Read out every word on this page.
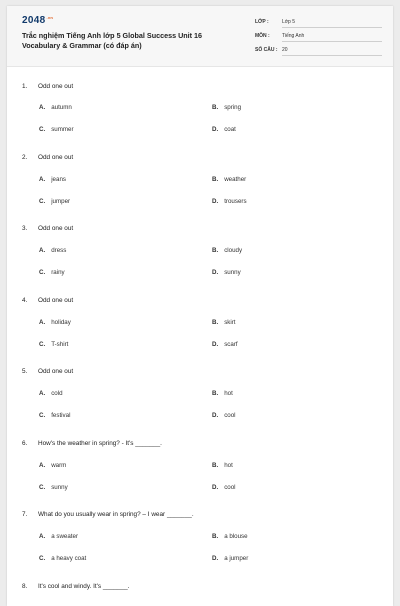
$2048^{.vn}$
Trắc nghiệm Tiếng Anh lớp 5 Global Success Unit 16 Vocabulary & Grammar (có đáp án)
LỚP :	Lớp 5
MÔN : Tiếng Anh
SỐ CÂU : 20
1. Odd one out
A. autumn	B. spring
C. summer	D. coat
2. Odd one out
A. jeans	B. weather
C. jumper	D. trousers
3. Odd one out
A. dress	B. cloudy
C. rainy	D. sunny
4. Odd one out
A. holiday	B. skirt
C. T-shirt	D. scarf
5. Odd one out
A. cold	B. hot
C. festival	D. cool
6. How's the weather in spring? - It's _______.
A. warm	B. hot
C. sunny	D. cool
7. What do you usually wear in spring? – I wear _______.
A. a sweater	B. a blouse
C. a heavy coat	D. a jumper
8. It's cool and windy. It's _______.
